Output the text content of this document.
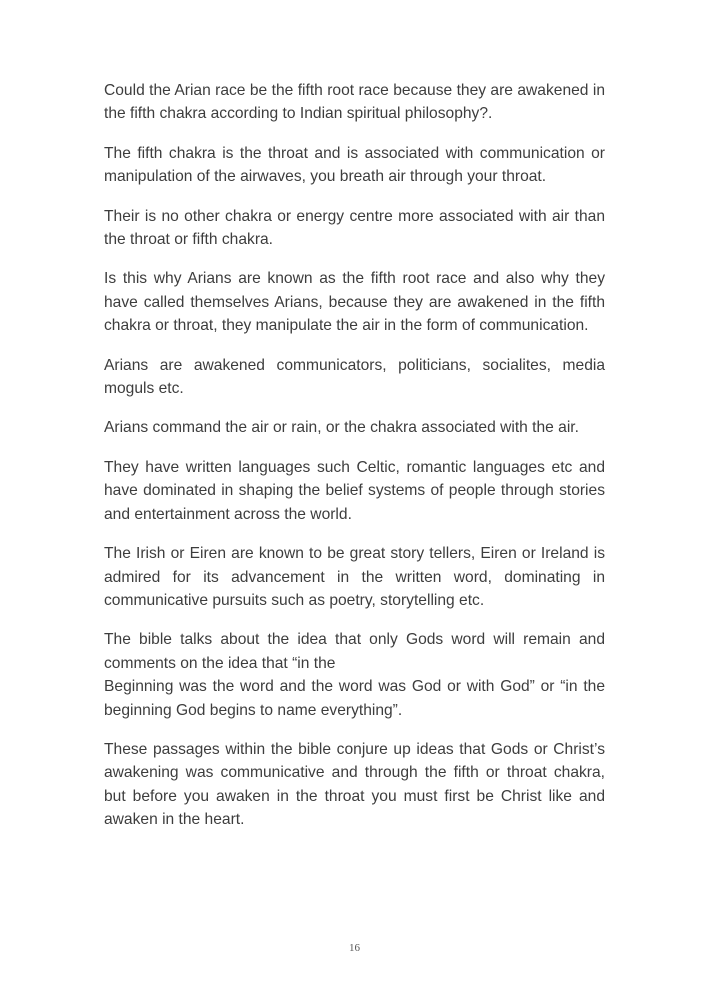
Could the Arian race be the fifth root race because they are awakened in the fifth chakra according to Indian spiritual philosophy?.

The fifth chakra is the throat and is associated with communication or manipulation of the airwaves, you breath air through your throat.

Their is no other chakra or energy centre more associated with air than the throat or fifth chakra.

Is this why Arians are known as the fifth root race and also why they have called themselves Arians, because they are awakened in the fifth chakra or throat, they manipulate the air in the form of communication.

Arians are awakened communicators, politicians, socialites, media moguls etc.

Arians command the air or rain, or the chakra associated with the air.

They have written languages such Celtic, romantic languages etc and have dominated in shaping the belief systems of people through stories and entertainment across the world.

The Irish or Eiren are known to be great story tellers, Eiren or Ireland is admired for its advancement in the written word, dominating in communicative pursuits such as poetry, storytelling etc.

The bible talks about the idea that only Gods word will remain and comments on the idea that “in the
Beginning was the word and the word was God or with God” or “in the beginning God begins to name everything”.

These passages within the bible conjure up ideas that Gods or Christ’s awakening was communicative and through the fifth or throat chakra, but before you awaken in the throat you must first be Christ like and awaken in the heart.

16
